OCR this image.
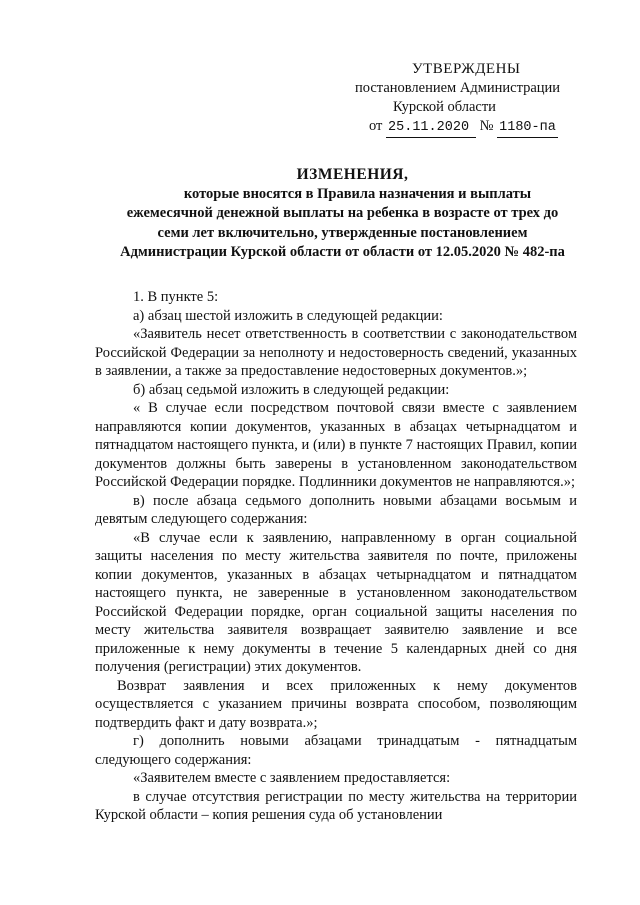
УТВЕРЖДЕНЫ
постановлением Администрации
Курской области
от 25.11.2020 № 1180-па
ИЗМЕНЕНИЯ,
которые вносятся в Правила назначения и выплаты
ежемесячной денежной выплаты на ребенка в возрасте от трех до
семи лет включительно, утвержденные постановлением
Администрации Курской области от области от 12.05.2020 № 482-па

1. В пункте 5:

а) абзац шестой изложить в следующей редакции:

«Заявитель несет ответственность в соответствии с законодательством Российской Федерации за неполноту и недостоверность сведений, указанных в заявлении, а также за предоставление недостоверных документов.»;

б) абзац седьмой изложить в следующей редакции:

« В случае если посредством почтовой связи вместе с заявлением направляются копии документов, указанных в абзацах четырнадцатом и пятнадцатом настоящего пункта, и (или) в пункте 7 настоящих Правил, копии документов должны быть заверены в установленном законодательством Российской Федерации порядке. Подлинники документов не направляются.»;

в) после абзаца седьмого дополнить новыми абзацами восьмым и девятым следующего содержания:

«В случае если к заявлению, направленному в орган социальной защиты населения по месту жительства заявителя по почте, приложены копии документов, указанных в абзацах четырнадцатом и пятнадцатом настоящего пункта, не заверенные в установленном законодательством Российской Федерации порядке, орган социальной защиты населения по месту жительства заявителя возвращает заявителю заявление и все приложенные к нему документы в течение 5 календарных дней со дня получения (регистрации) этих документов.

Возврат заявления и всех приложенных к нему документов осуществляется с указанием причины возврата способом, позволяющим подтвердить факт и дату возврата.»;

г) дополнить новыми абзацами тринадцатым - пятнадцатым следующего содержания:

«Заявителем вместе с заявлением предоставляется:

в случае отсутствия регистрации по месту жительства на территории Курской области – копия решения суда об установлении
